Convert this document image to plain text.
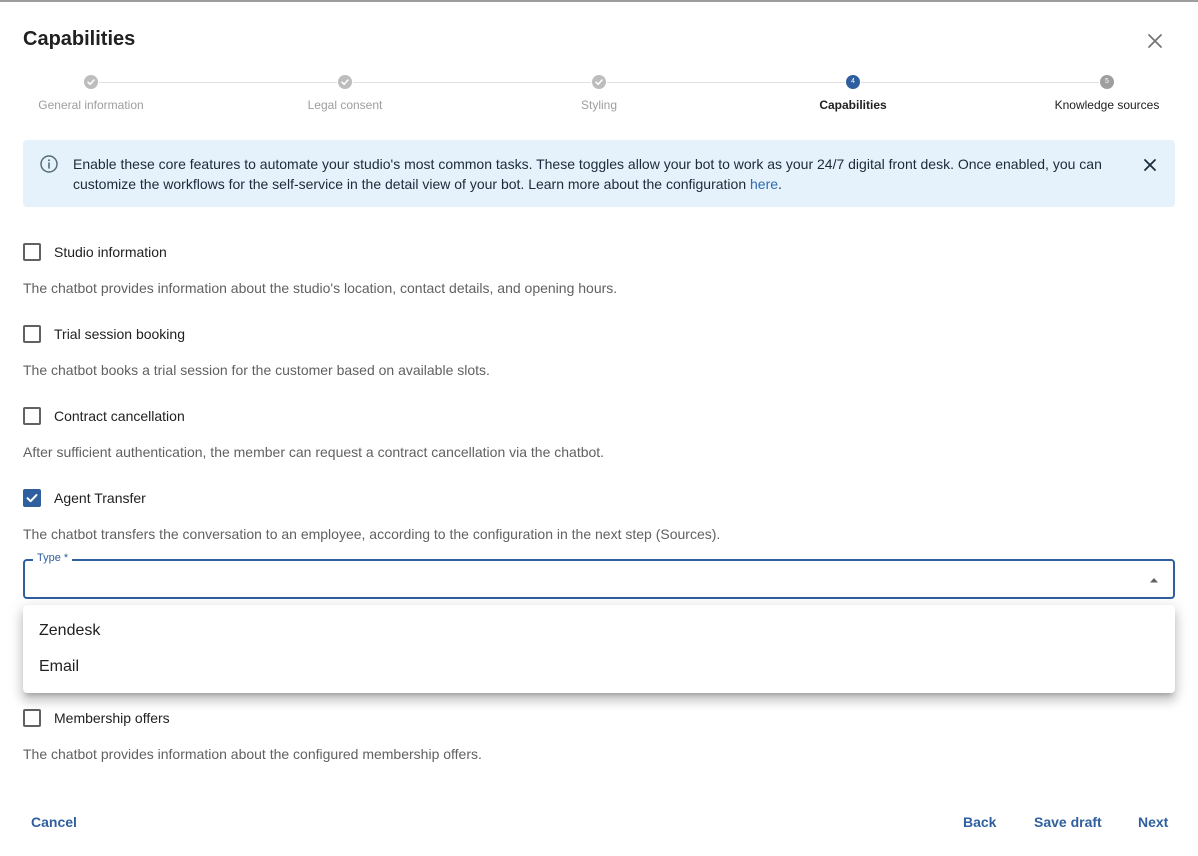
Capabilities
General information	Legal consent	Styling
4
Capabilities
5
Knowledge sources
Enable these core features to automate your studio's most common tasks. These toggles allow your bot to work as your 24/7 digital front desk. Once enabled, you can customize the workflows for the self-service in the detail view of your bot. Learn more about the configuration here.
Studio information
The chatbot provides information about the studio's location, contact details, and opening hours.
Trial session booking
The chatbot books a trial session for the customer based on available slots.
Contract cancellation
After sufficient authentication, the member can request a contract cancellation via the chatbot.
Agent Transfer
The chatbot transfers the conversation to an employee, according to the configuration in the next step (Sources).
Type *
Membership offers
The chatbot provides information about the configured membership offers.
Zendesk
Email
Cancel	Back	Save draft	Next
